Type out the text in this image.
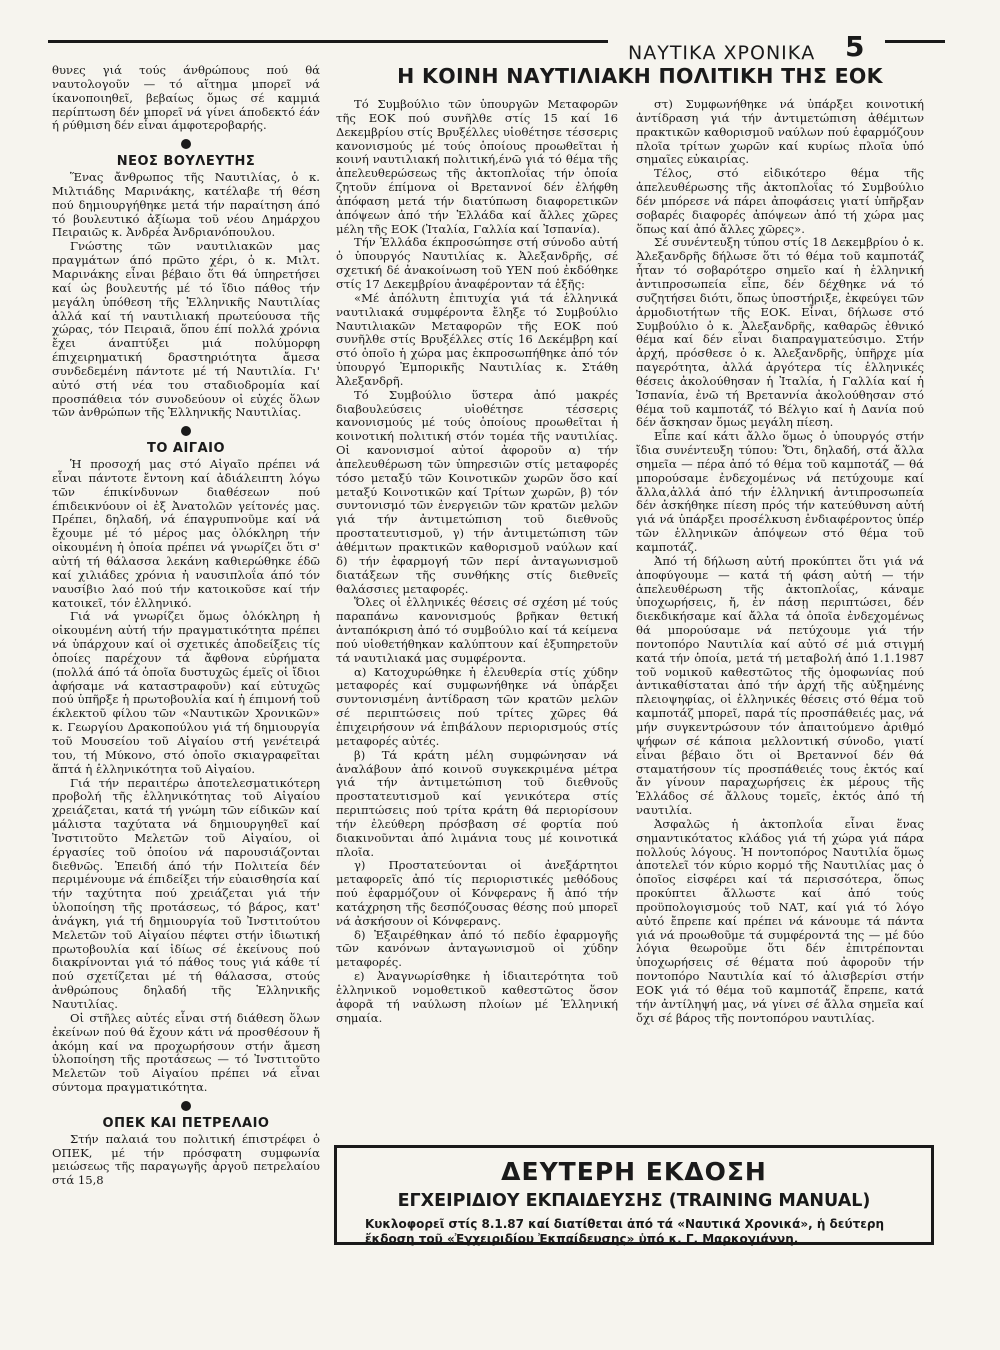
ΝΑΥΤΙΚΑ ΧΡΟΝΙΚΑ 5
Η ΚΟΙΝΗ ΝΑΥΤΙΛΙΑΚΗ ΠΟΛΙΤΙΚΗ ΤΗΣ ΕΟΚ

θυνες γιά τούς άνθρώπους πού θά ναυτολογοῦν — τό αἴτημα μπορεῖ νά ίκανοποιηθεῖ, βεβαίως ὅμως σέ καμμιά περίπτωση δέν μπορεῖ νά γίνει άποδεκτό έάν ή ρύθμιση δέν εἶναι άμφοτεροβαρής.

ΝΕΟΣ ΒΟΥΛΕΥΤΗΣ

Ἕνας ἄνθρωπος τῆς Ναυτιλίας, ὁ κ. Μιλτιάδης Μαρινάκης, κατέλαβε τή θέση πού δημιουργήθηκε μετά τήν παραίτηση άπό τό βουλευτικό ἀξίωμα τοῦ νέου Δημάρχου Πειραιῶς κ. Ἀνδρέα Ἀνδριανόπουλου.

Γνώστης τῶν ναυτιλιακῶν μας πραγμάτων άπό πρῶτο χέρι, ὁ κ. Μιλτ. Μαρινάκης εἶναι βέβαιο ὅτι θά ὑπηρετήσει καί ὡς βουλευτής μέ τό ἴδιο πάθος τήν μεγάλη ὑπόθεση τῆς Ἑλληνικῆς Ναυτιλίας ἀλλά καί τή ναυτιλιακή πρωτεύουσα τῆς χώρας, τόν Πειραιᾶ, ὅπου έπί πολλά χρόνια ἔχει άναπτύξει μιά πολύμορφη έπιχειρηματική δραστηριότητα ἄμεσα συνδεδεμένη πάντοτε μέ τή Ναυτιλία. Γι' αὐτό στή νέα του σταδιοδρομία καί προσπάθεια τόν συνοδεύουν οἱ εὐχές ὅλων τῶν ἀνθρώπων τῆς Ἑλληνικῆς Ναυτιλίας.

ΤΟ ΑΙΓΑΙΟ

Ἡ προσοχή μας στό Αἰγαῖο πρέπει νά εἶναι πάντοτε ἔντονη καί ἀδιάλειπτη λόγω τῶν έπικίνδυνων διαθέσεων πού έπιδεικνύουν οἱ ἐξ Ἀνατολῶν γείτονές μας. Πρέπει, δηλαδή, νά έπαγρυπνοῦμε καί νά ἔχουμε μέ τό μέρος μας ὁλόκληρη τήν οἰκουμένη ἡ ὁποία πρέπει νά γνωρίζει ὅτι σ' αὐτή τή θάλασσα λεκάνη καθιερώθηκε έδῶ καί χιλιάδες χρόνια ἡ ναυσιπλοΐα άπό τόν ναυσίβιο λαό πού τήν κατοικοῦσε καί τήν κατοικεῖ, τόν ἑλληνικό.

Γιά νά γνωρίζει ὅμως ὁλόκληρη ἡ οἰκουμένη αὐτή τήν πραγματικότητα πρέπει νά ὑπάρχουν καί οἱ σχετικές ἀποδείξεις τίς ὁποίες παρέχουν τά ἄφθονα εὑρήματα (πολλά άπό τά ὁποῖα δυστυχῶς έμεῖς οἱ ἴδιοι ἀφήσαμε νά καταστραφοῦν) καί εὐτυχῶς πού ὑπῆρξε ἡ πρωτοβουλία καί ἡ έπιμονή τοῦ έκλεκτοῦ φίλου τῶν «Ναυτικῶν Χρονικῶν» κ. Γεωργίου Δρακοπούλου γιά τή δημιουργία τοῦ Μουσείου τοῦ Αἰγαίου στή γενέτειρά του, τή Μύκονο, στό ὁποῖο σκιαγραφεῖται ἅπτά ἡ ἑλληνικότητα τοῦ Αἰγαίου.

Γιά τήν περαιτέρω ἀποτελεσματικότερη προβολή τῆς ἑλληνικότητας τοῦ Αἰγαίου χρειάζεται, κατά τή γνώμη τῶν είδικῶν καί μάλιστα ταχύτατα νά δημιουργηθεῖ καί Ἰνστιτοῦτο Μελετῶν τοῦ Αἰγαίου, οἱ έργασίες τοῦ ὁποίου νά παρουσιάζονται διεθνῶς. Ἐπειδή άπό τήν Πολιτεία δέν περιμένουμε νά έπιδείξει τήν εὐαισθησία καί τήν ταχύτητα πού χρειάζεται γιά τήν ὑλοποίηση τῆς προτάσεως, τό βάρος, κατ' ἀνάγκη, γιά τή δημιουργία τοῦ Ἰνστιτούτου Μελετῶν τοῦ Αἰγαίου πέφτει στήν ἰδιωτική πρωτοβουλία καί ἰδίως σέ ἐκείνους πού διακρίνονται γιά τό πάθος τους γιά κάθε τί πού σχετίζεται μέ τή θάλασσα, στούς ἀνθρώπους δηλαδή τῆς Ἑλληνικῆς Ναυτιλίας.

Οἱ στῆλες αὐτές εἶναι στή διάθεση ὅλων ἐκείνων πού θά ἔχουν κάτι νά προσθέσουν ἤ ἀκόμη καί να προχωρήσουν στήν ἄμεση ὑλοποίηση τῆς προτάσεως — τό Ἰνστιτοῦτο Μελετῶν τοῦ Αἰγαίου πρέπει νά εἶναι σύντομα πραγματικότητα.

ΟΠΕΚ ΚΑΙ ΠΕΤΡΕΛΑΙΟ

Στήν παλαιά του πολιτική έπιστρέφει ὁ ΟΠΕΚ, μέ τήν πρόσφατη συμφωνία μειώσεως τῆς παραγωγῆς ἀργοῦ πετρελαίου στά 15,8

Τό Συμβούλιο τῶν ὑπουργῶν Μεταφορῶν τῆς ΕΟΚ πού συνῆλθε στίς 15 καί 16 Δεκεμβρίου στίς Βρυξέλλες υἱοθέτησε τέσσερις κανονισμούς μέ τούς ὁποίους προωθεῖται ἡ κοινή ναυτιλιακή πολιτική,ένῶ γιά τό θέμα τῆς ἀπελευθερώσεως τῆς ἀκτοπλοΐας τήν ὁποία ζητοῦν έπίμονα οἱ Βρεταννοί δέν ἐλήφθη ἀπόφαση μετά τήν διατύπωση διαφορετικῶν ἀπόψεων ἀπό τήν Ἑλλάδα καί ἄλλες χῶρες μέλη τῆς ΕΟΚ (Ἰταλία, Γαλλία καί Ἰσπανία).

Τήν Ἑλλάδα έκπροσώπησε στή σύνοδο αὐτή ὁ ὑπουργός Ναυτιλίας κ. Ἀλεξανδρῆς, σέ σχετική δέ ἀνακοίνωση τοῦ ΥΕΝ πού ἐκδόθηκε στίς 17 Δεκεμβρίου ἀναφέρονταν τά ἑξῆς:

«Μέ ἀπόλυτη ἐπιτυχία γιά τά ἑλληνικά ναυτιλιακά συμφέροντα ἔληξε τό Συμβούλιο Ναυτιλιακῶν Μεταφορῶν τῆς ΕΟΚ πού συνῆλθε στίς Βρυξέλλες στίς 16 Δεκέμβρη καί στό ὁποῖο ἡ χώρα μας ἐκπροσωπήθηκε ἀπό τόν ὑπουργό Ἐμπορικῆς Ναυτιλίας κ. Στάθη Ἀλεξανδρῆ.

Τό Συμβούλιο ὕστερα ἀπό μακρές διαβουλεύσεις υἱοθέτησε τέσσερις κανονισμούς μέ τούς ὁποίους προωθεῖται ἡ κοινοτική πολιτική στόν τομέα τῆς ναυτιλίας. Οἱ κανονισμοί αὐτοί ἀφοροῦν α) τήν ἀπελευθέρωση τῶν ὑπηρεσιῶν στίς μεταφορές τόσο μεταξύ τῶν Κοινοτικῶν χωρῶν ὅσο καί μεταξύ Κοινοτικῶν καί Τρίτων χωρῶν, β) τόν συντονισμό τῶν ἐνεργειῶν τῶν κρατῶν μελῶν γιά τήν ἀντιμετώπιση τοῦ διεθνοῦς προστατευτισμοῦ, γ) τήν ἀντιμετώπιση τῶν ἀθέμιτων πρακτικῶν καθορισμοῦ ναύλων καί δ) τήν ἐφαρμογή τῶν περί ἀνταγωνισμοῦ διατάξεων τῆς συνθήκης στίς διεθνεῖς θαλάσσιες μεταφορές.

Ὅλες οἱ ἑλληνικές θέσεις σέ σχέση μέ τούς παραπάνω κανονισμούς βρῆκαν θετική ἀνταπόκριση ἀπό τό συμβούλιο καί τά κείμενα πού υἱοθετήθηκαν καλύπτουν καί ἐξυπηρετοῦν τά ναυτιλιακά μας συμφέροντα.

α) Κατοχυρώθηκε ἡ ἐλευθερία στίς χύδην μεταφορές καί συμφωνήθηκε νά ὑπάρξει συντονισμένη ἀντίδραση τῶν κρατῶν μελῶν σέ περιπτώσεις πού τρίτες χῶρες θά ἐπιχειρήσουν νά ἐπιβάλουν περιορισμούς στίς μεταφορές αὐτές.

β) Τά κράτη μέλη συμφώνησαν νά ἀναλάβουν ἀπό κοινοῦ συγκεκριμένα μέτρα γιά τήν ἀντιμετώπιση τοῦ διεθνοῦς προστατευτισμοῦ καί γενικότερα στίς περιπτώσεις πού τρίτα κράτη θά περιορίσουν τήν ἐλεύθερη πρόσβαση σέ φορτία πού διακινοῦνται ἀπό λιμάνια τους μέ κοινοτικά πλοῖα.

γ) Προστατεύονται οἱ ἀνεξάρτητοι μεταφορεῖς ἀπό τίς περιοριστικές μεθόδους πού ἐφαρμόζουν οἱ Κόνφερανς ἤ ἀπό τήν κατάχρηση τῆς δεσπόζουσας θέσης πού μπορεῖ νά ἀσκήσουν οἱ Κόνφερανς.

δ) Ἐξαιρέθηκαν ἀπό τό πεδίο ἐφαρμογῆς τῶν κανόνων ἀνταγωνισμοῦ οἱ χύδην μεταφορές.

ε) Ἀναγνωρίσθηκε ἡ ἰδιαιτερότητα τοῦ ἑλληνικοῦ νομοθετικοῦ καθεστῶτος ὅσον ἀφορᾶ τή ναύλωση πλοίων μέ Ἑλληνική σημαία.

στ) Συμφωνήθηκε νά ὑπάρξει κοινοτική ἀντίδραση γιά τήν ἀντιμετώπιση ἀθέμιτων πρακτικῶν καθορισμοῦ ναύλων πού ἐφαρμόζουν πλοῖα τρίτων χωρῶν καί κυρίως πλοῖα ὑπό σημαῖες εὐκαιρίας.

Τέλος, στό εἰδικότερο θέμα τῆς ἀπελευθέρωσης τῆς ἀκτοπλοΐας τό Συμβούλιο δέν μπόρεσε νά πάρει ἀποφάσεις γιατί ὑπῆρξαν σοβαρές διαφορές ἀπόψεων ἀπό τή χώρα μας ὅπως καί ἀπό ἄλλες χῶρες».

Σέ συνέντευξη τύπου στίς 18 Δεκεμβρίου ὁ κ. Ἀλεξανδρῆς δήλωσε ὅτι τό θέμα τοῦ καμποτάζ ἦταν τό σοβαρότερο σημεῖο καί ἡ ἑλληνική ἀντιπροσωπεία εἶπε, δέν δέχθηκε νά τό συζητήσει διότι, ὅπως ὑποστήριξε, ἐκφεύγει τῶν ἁρμοδιοτήτων τῆς ΕΟΚ. Εἶναι, δήλωσε στό Συμβούλιο ὁ κ. Ἀλεξανδρῆς, καθαρῶς ἐθνικό θέμα καί δέν εἶναι διαπραγματεύσιμο. Στήν ἀρχή, πρόσθεσε ὁ κ. Ἀλεξανδρῆς, ὑπῆρχε μία παγερότητα, ἀλλά ἀργότερα τίς ἑλληνικές θέσεις ἀκολούθησαν ἡ Ἰταλία, ἡ Γαλλία καί ἡ Ἰσπανία, ἐνῶ τή Βρεταννία ἀκολούθησαν στό θέμα τοῦ καμποτάζ τό Βέλγιο καί ἡ Δανία πού δέν ἄσκησαν ὅμως μεγάλη πίεση.

Εἶπε καί κάτι ἄλλο ὅμως ὁ ὑπουργός στήν ἴδια συνέντευξη τύπου: Ὅτι, δηλαδή, στά ἄλλα σημεῖα — πέρα ἀπό τό θέμα τοῦ καμποτάζ — θά μπορούσαμε ἐνδεχομένως νά πετύχουμε καί ἄλλα,ἀλλά ἀπό τήν ἑλληνική ἀντιπροσωπεία δέν ἀσκήθηκε πίεση πρός τήν κατεύθυνση αὐτή γιά νά ὑπάρξει προσέλκυση ἐνδιαφέροντος ὑπέρ τῶν ἑλληνικῶν ἀπόψεων στό θέμα τοῦ καμποτάζ.

Ἀπό τή δήλωση αὐτή προκύπτει ὅτι γιά νά ἀποφύγουμε — κατά τή φάση αὐτή — τήν ἀπελευθέρωση τῆς ἀκτοπλοΐας, κάναμε ὑποχωρήσεις, ἤ, ἐν πάσῃ περιπτώσει, δέν διεκδικήσαμε καί ἄλλα τά ὁποῖα ἐνδεχομένως θά μπορούσαμε νά πετύχουμε γιά τήν ποντοπόρο Ναυτιλία καί αὐτό σέ μιά στιγμή κατά τήν ὁποία, μετά τή μεταβολή ἀπό 1.1.1987 τοῦ νομικοῦ καθεστῶτος τῆς ὁμοφωνίας πού ἀντικαθίσταται ἀπό τήν ἀρχή τῆς αὐξημένης πλειοψηφίας, οἱ ἑλληνικές θέσεις στό θέμα τοῦ καμποτάζ μπορεῖ, παρά τίς προσπάθειές μας, νά μήν συγκεντρώσουν τόν ἀπαιτούμενο ἀριθμό ψήφων σέ κάποια μελλοντική σύνοδο, γιατί εἶναι βέβαιο ὅτι οἱ Βρεταννοί δέν θά σταματήσουν τίς προσπάθειές τους ἐκτός καί ἄν γίνουν παραχωρήσεις ἐκ μέρους τῆς Ἑλλάδος σέ ἄλλους τομεῖς, ἐκτός ἀπό τή ναυτιλία.

Ἀσφαλῶς ἡ ἀκτοπλοΐα εἶναι ἕνας σημαντικότατος κλάδος γιά τή χώρα γιά πάρα πολλούς λόγους. Ἡ ποντοπόρος Ναυτιλία ὅμως ἀποτελεῖ τόν κύριο κορμό τῆς Ναυτιλίας μας ὁ ὁποῖος εἰσφέρει καί τά περισσότερα, ὅπως προκύπτει ἄλλωστε καί ἀπό τούς προϋπολογισμούς τοῦ ΝΑΤ, καί γιά τό λόγο αὐτό ἔπρεπε καί πρέπει νά κάνουμε τά πάντα γιά νά προωθοῦμε τά συμφέροντά της — μέ δύο λόγια θεωροῦμε ὅτι δέν ἐπιτρέπονται ὑποχωρήσεις σέ θέματα πού ἀφοροῦν τήν ποντοπόρο Ναυτιλία καί τό ἀλισβερίσι στήν ΕΟΚ γιά τό θέμα τοῦ καμποτάζ ἔπρεπε, κατά τήν ἀντίληψή μας, νά γίνει σέ ἄλλα σημεῖα καί ὄχι σέ βάρος τῆς ποντοπόρου ναυτιλίας.

ΔΕΥΤΕΡΗ ΕΚΔΟΣΗ
ΕΓΧΕΙΡΙΔΙΟΥ ΕΚΠΑΙΔΕΥΣΗΣ (TRAINING MANUAL)
Κυκλοφορεῖ στίς 8.1.87 καί διατίθεται ἀπό τά «Ναυτικά Χρονικά», ἡ δεύτερη ἔκδοση τοῦ «Ἐγχειριδίου Ἐκπαίδευσης» ὑπό κ. Γ. Μαρκογιάννη.
